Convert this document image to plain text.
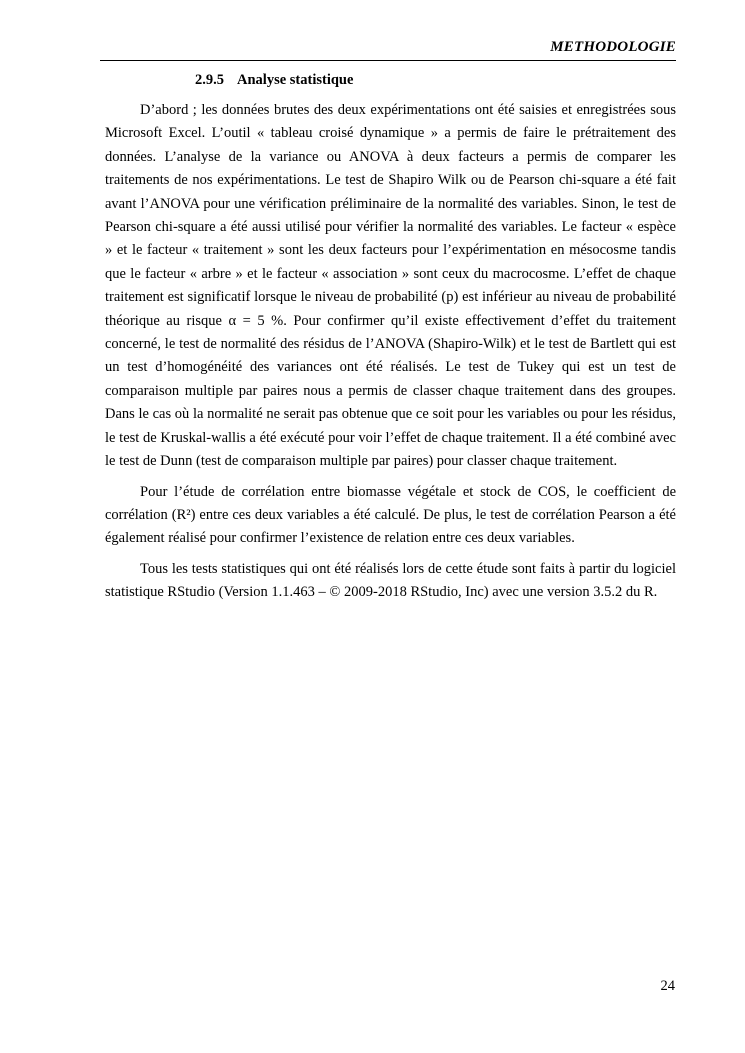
METHODOLOGIE
2.9.5 Analyse statistique

D’abord ; les données brutes des deux expérimentations ont été saisies et enregistrées sous Microsoft Excel. L’outil « tableau croisé dynamique » a permis de faire le prétraitement des données. L’analyse de la variance ou ANOVA à deux facteurs a permis de comparer les traitements de nos expérimentations. Le test de Shapiro Wilk ou de Pearson chi-square a été fait avant l’ANOVA pour une vérification préliminaire de la normalité des variables. Sinon, le test de Pearson chi-square a été aussi utilisé pour vérifier la normalité des variables. Le facteur « espèce » et le facteur « traitement » sont les deux facteurs pour l’expérimentation en mésocosme tandis que le facteur « arbre » et le facteur « association » sont ceux du macrocosme. L’effet de chaque traitement est significatif lorsque le niveau de probabilité (p) est inférieur au niveau de probabilité théorique au risque α = 5 %. Pour confirmer qu’il existe effectivement d’effet du traitement concerné, le test de normalité des résidus de l’ANOVA (Shapiro-Wilk) et le test de Bartlett qui est un test d’homogénéité des variances ont été réalisés. Le test de Tukey qui est un test de comparaison multiple par paires nous a permis de classer chaque traitement dans des groupes. Dans le cas où la normalité ne serait pas obtenue que ce soit pour les variables ou pour les résidus, le test de Kruskal-wallis a été exécuté pour voir l’effet de chaque traitement. Il a été combiné avec le test de Dunn (test de comparaison multiple par paires) pour classer chaque traitement.

Pour l’étude de corrélation entre biomasse végétale et stock de COS, le coefficient de corrélation (R²) entre ces deux variables a été calculé. De plus, le test de corrélation Pearson a été également réalisé pour confirmer l’existence de relation entre ces deux variables.

Tous les tests statistiques qui ont été réalisés lors de cette étude sont faits à partir du logiciel statistique RStudio (Version 1.1.463 – © 2009-2018 RStudio, Inc) avec une version 3.5.2 du R.

24
